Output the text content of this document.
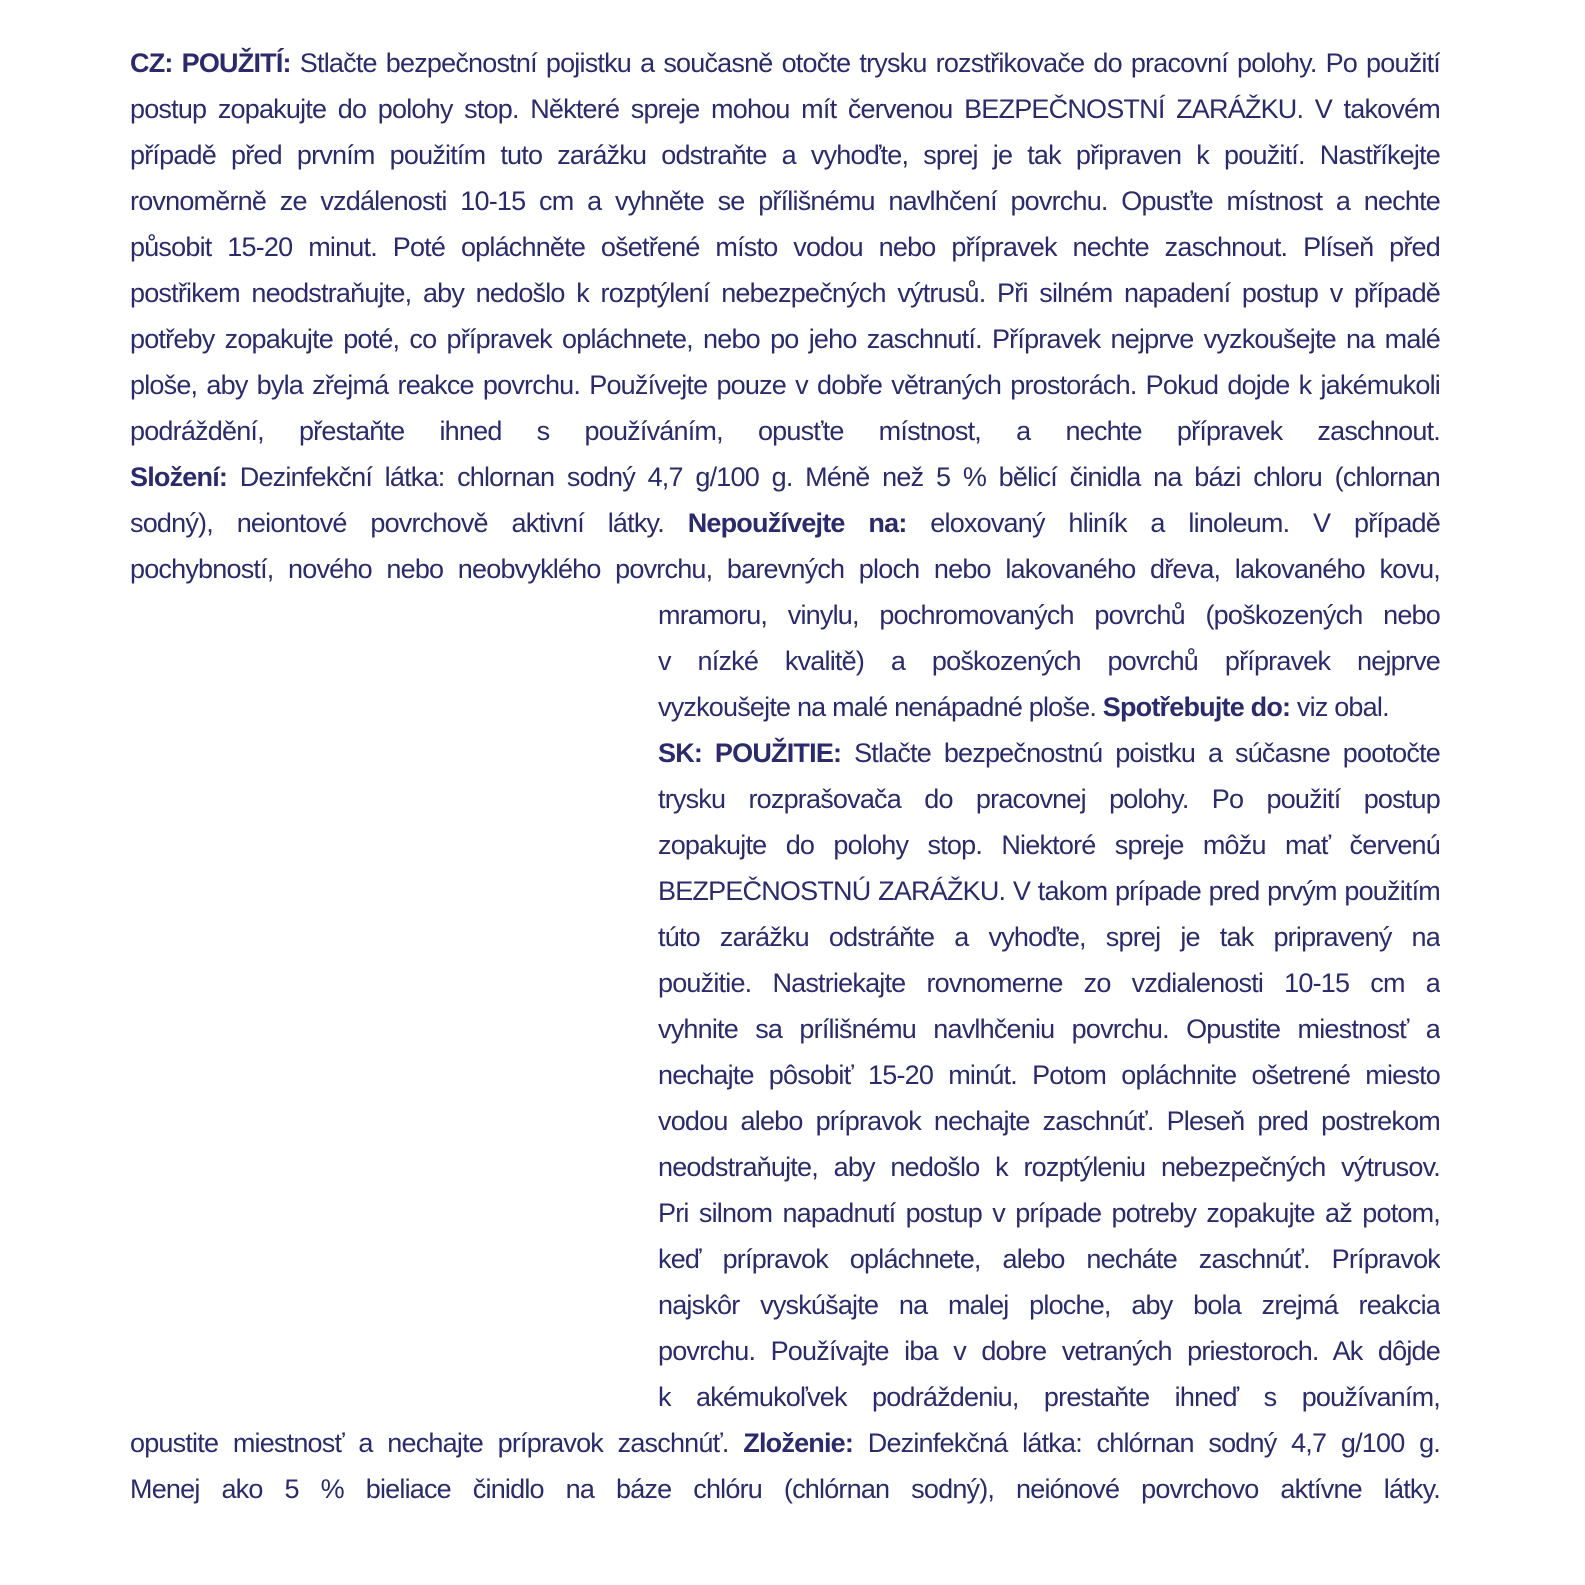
CZ: POUŽITÍ: Stlačte bezpečnostní pojistku a současně otočte trysku rozstřikovače do pracovní polohy. Po použití
postup zopakujte do polohy stop. Některé spreje mohou mít červenou BEZPEČNOSTNÍ ZARÁŽKU. V takovém
případě před prvním použitím tuto zarážku odstraňte a vyhoďte, sprej je tak připraven k použití. Nastříkejte
rovnoměrně ze vzdálenosti 10-15 cm a vyhněte se přílišnému navlhčení povrchu. Opusťte místnost a nechte
působit 15-20 minut. Poté opláchněte ošetřené místo vodou nebo přípravek nechte zaschnout. Plíseň před
postřikem neodstraňujte, aby nedošlo k rozptýlení nebezpečných výtrusů. Při silném napadení postup v případě
potřeby zopakujte poté, co přípravek opláchnete, nebo po jeho zaschnutí. Přípravek nejprve vyzkoušejte na malé
ploše, aby byla zřejmá reakce povrchu. Používejte pouze v dobře větraných prostorách. Pokud dojde k jakémukoli
podráždění, přestaňte ihned s používáním, opusťte místnost, a nechte přípravek zaschnout.
Složení: Dezinfekční látka: chlornan sodný 4,7 g/100 g. Méně než 5 % bělicí činidla na bázi chloru (chlornan
sodný), neiontové povrchově aktivní látky. Nepoužívejte na: eloxovaný hliník a linoleum. V případě
pochybností, nového nebo neobvyklého povrchu, barevných ploch nebo lakovaného dřeva, lakovaného kovu,
mramoru, vinylu, pochromovaných povrchů (poškozených nebo
v nízké kvalitě) a poškozených povrchů přípravek nejprve
vyzkoušejte na malé nenápadné ploše. Spotřebujte do: viz obal.
SK: POUŽITIE: Stlačte bezpečnostnú poistku a súčasne pootočte
trysku rozprašovača do pracovnej polohy. Po použití postup
zopakujte do polohy stop. Niektoré spreje môžu mať červenú
BEZPEČNOSTNÚ ZARÁŽKU. V takom prípade pred prvým použitím
túto zarážku odstráňte a vyhoďte, sprej je tak pripravený na
použitie. Nastriekajte rovnomerne zo vzdialenosti 10-15 cm a
vyhnite sa prílišnému navlhčeniu povrchu. Opustite miestnosť a
nechajte pôsobiť 15-20 minút. Potom opláchnite ošetrené miesto
vodou alebo prípravok nechajte zaschnúť. Pleseň pred postrekom
neodstraňujte, aby nedošlo k rozptýleniu nebezpečných výtrusov.
Pri silnom napadnutí postup v prípade potreby zopakujte až potom,
keď prípravok opláchnete, alebo necháte zaschnúť. Prípravok
najskôr vyskúšajte na malej ploche, aby bola zrejmá reakcia
povrchu. Používajte iba v dobre vetraných priestoroch. Ak dôjde
k akémukoľvek podráždeniu, prestaňte ihneď s používaním,
opustite miestnosť a nechajte prípravok zaschnúť. Zloženie: Dezinfekčná látka: chlórnan sodný 4,7 g/100 g.
Menej ako 5 % bieliace činidlo na báze chlóru (chlórnan sodný), neiónové povrchovo aktívne látky.
